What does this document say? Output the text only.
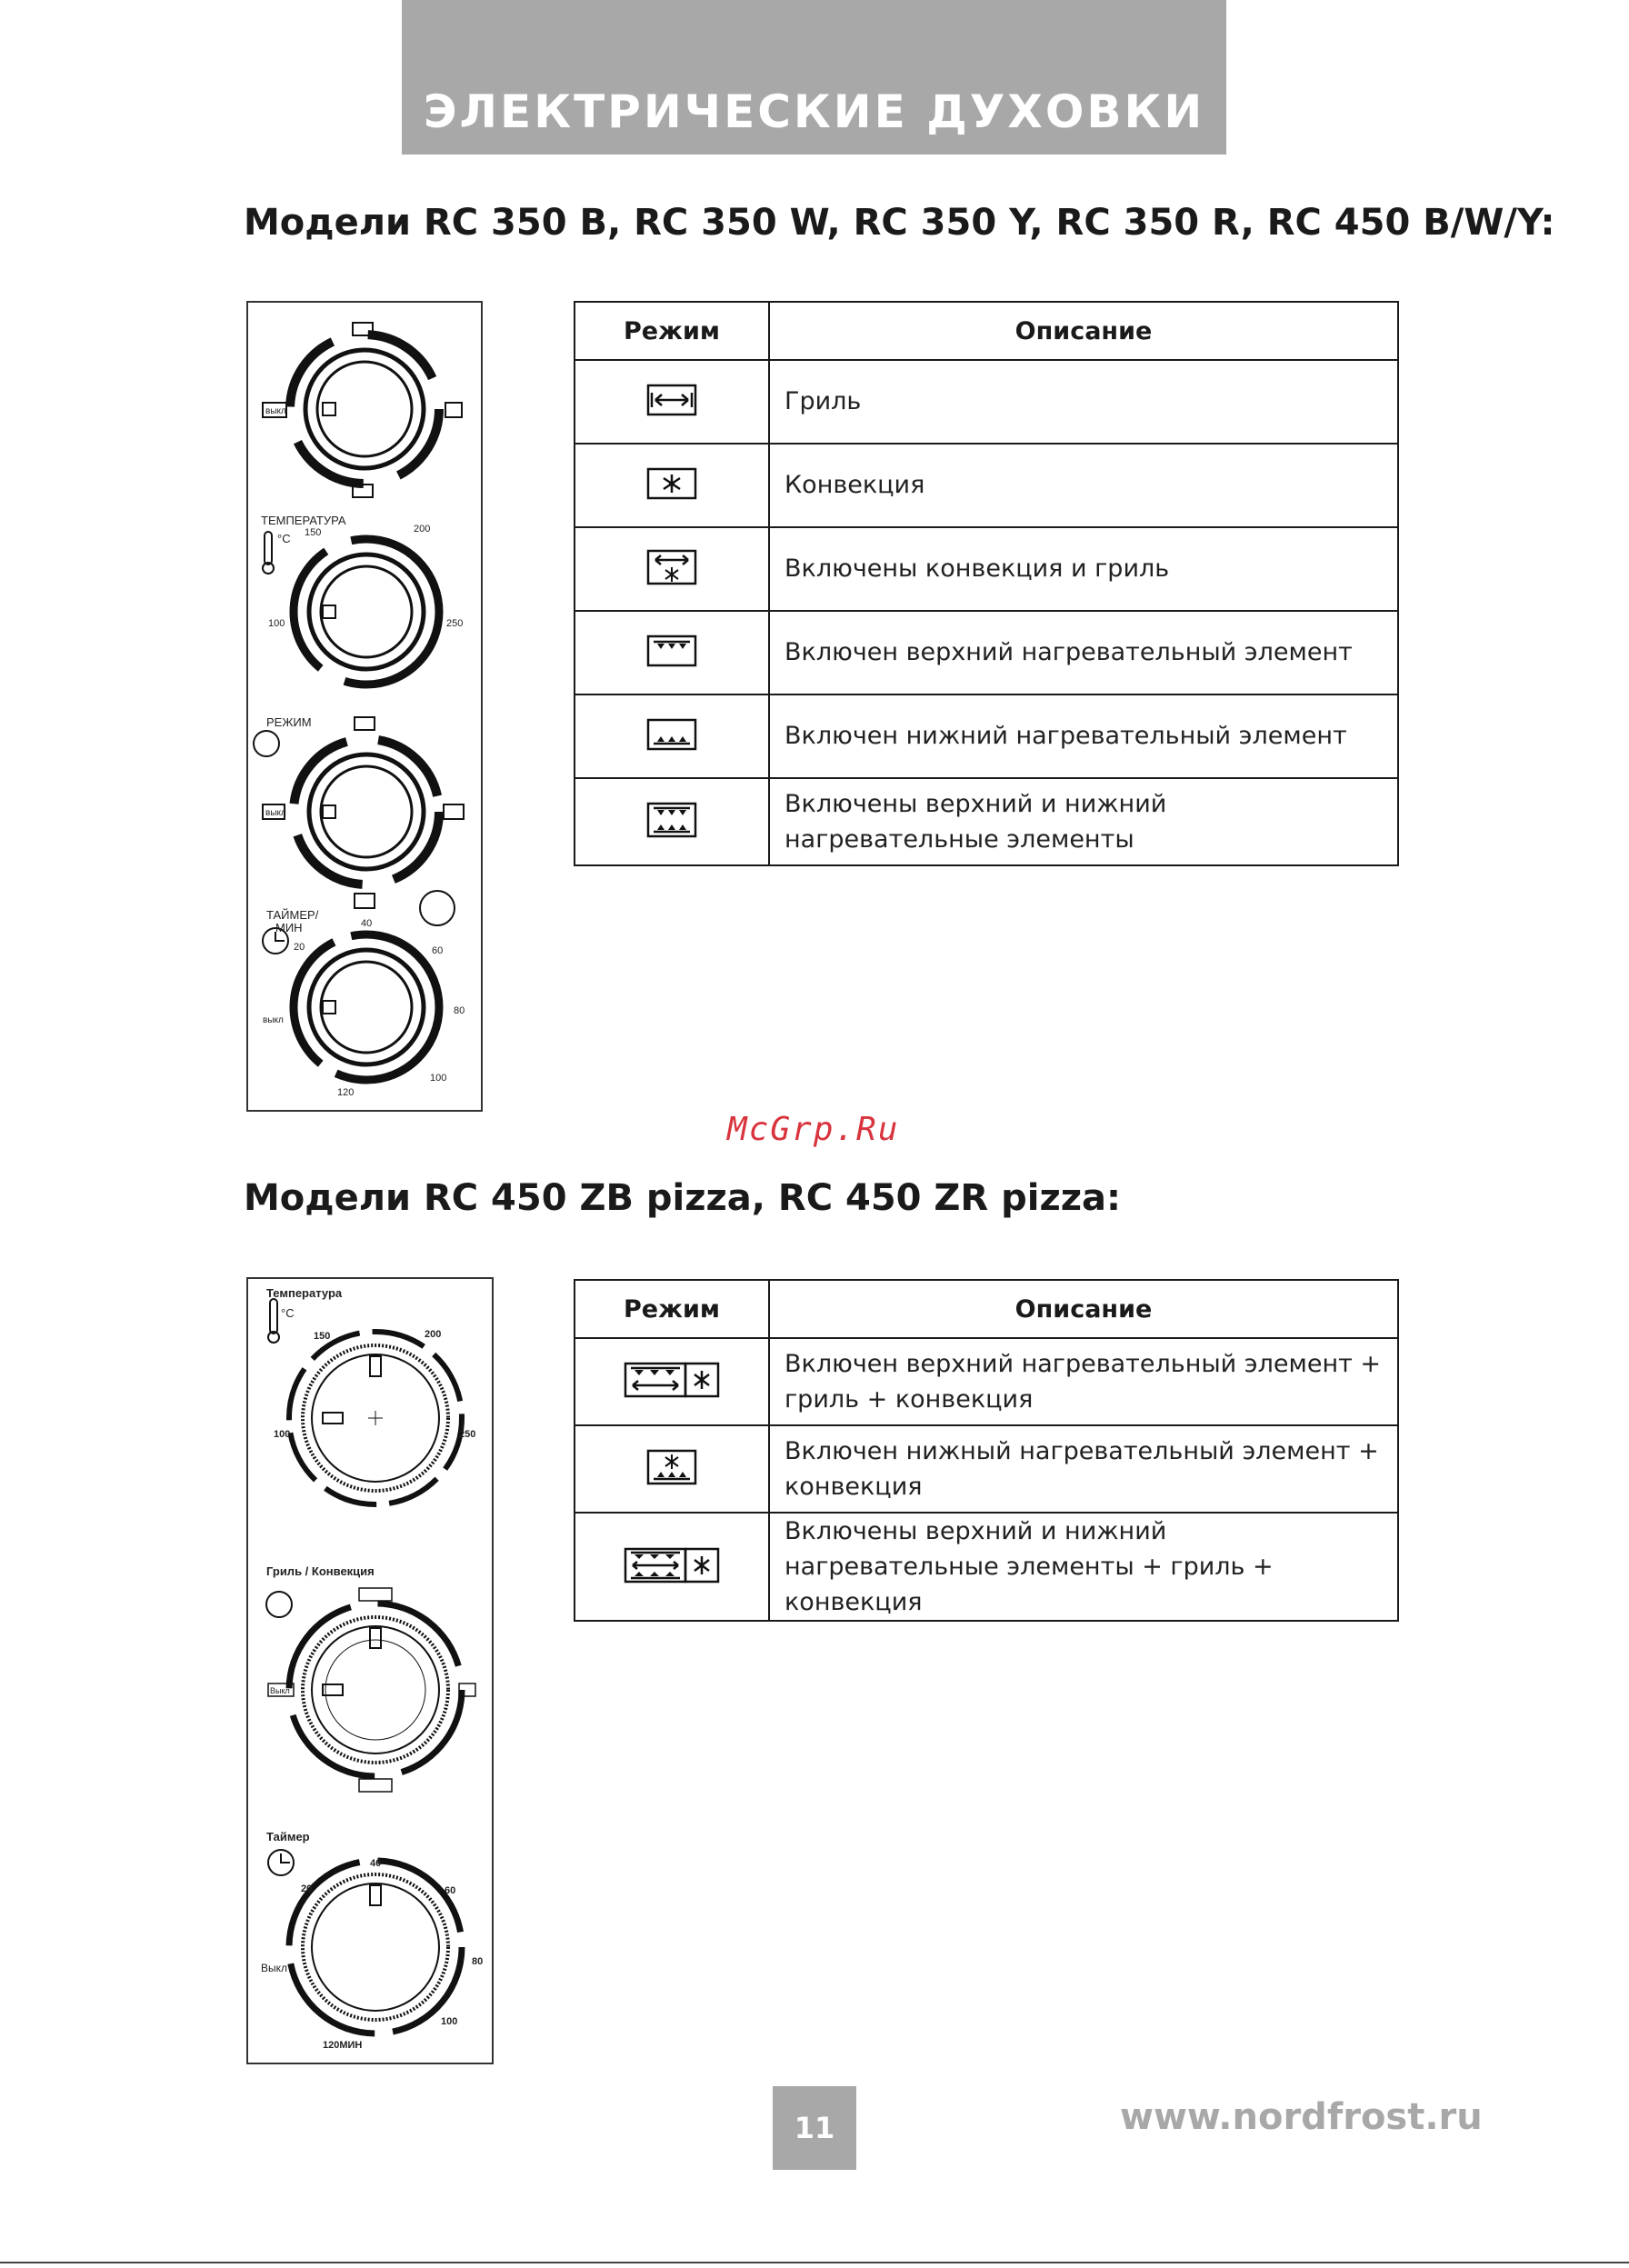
ЭЛЕКТРИЧЕСКИЕ ДУХОВКИ
Модели RC 350 B, RC 350 W, RC 350 Y, RC 350 R, RC 450 B/W/Y:
ТЕМПЕРАТУРА
°C 150	200
100	250
РЕЖИМ
выкл
выкл
ТАЙМЕР/
МИН	40
20	60
80
выкл
100
120
Режим	Описание
	Гриль
	Конвекция
	Включены конвекция и гриль
	Включен верхний нагревательный элемент
	Включен нижний нагревательный элемент
	Включены верхний и нижний нагревательные элементы
McGrp.Ru
Модели RC 450 ZB pizza, RC 450 ZR pizza:
Температура
°C
150	200
100	250
Гриль / Конвекция
Выкл
Таймер
40
20	60
80
Выкл
100
120МИН
Режим	Описание
	Включен верхний нагревательный элемент + гриль + конвекция
	Включен нижный нагревательный элемент + конвекция
	Включены верхний и нижний нагревательные элементы + гриль + конвекция
11	www.nordfrost.ru
